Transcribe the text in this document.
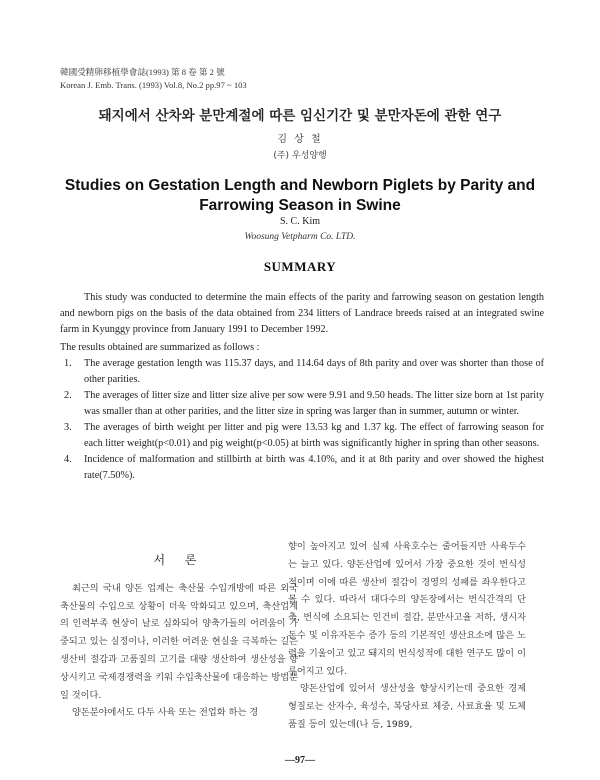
韓國受精卵移植學會誌(1993) 第 8 卷 第 2 號
Korean J. Emb. Trans. (1993) Vol.8, No.2 pp.97 ~ 103
돼지에서 산차와 분만계절에 따른 임신기간 및 분만자돈에 관한 연구
김 상 철
(주) 우성양행
Studies on Gestation Length and Newborn Piglets by Parity and Farrowing Season in Swine
S. C. Kim
Woosung Vetpharm Co. LTD.
SUMMARY

This study was conducted to determine the main effects of the parity and farrowing season on gestation length and newborn pigs on the basis of the data obtained from 234 litters of Landrace breeds raised at an integrated swine farm in Kyunggy province from January 1991 to December 1992.

The results obtained are summarized as follows :

1. The average gestation length was 115.37 days, and 114.64 days of 8th parity and over was shorter than those of other parities.
2. The averages of litter size and litter size alive per sow were 9.91 and 9.50 heads. The litter size born at 1st parity was smaller than at other parities, and the litter size in spring was larger than in summer, autumn or winter.
3. The averages of birth weight per litter and pig were 13.53 kg and 1.37 kg. The effect of farrowing season for each litter weight(p<0.01) and pig weight(p<0.05) at birth was significantly higher in spring than other seasons.
4. Incidence of malformation and stillbirth at birth was 4.10%, and it at 8th parity and over showed the highest rate(7.50%).
서 론

최근의 국내 양돈 업계는 축산물 수입개방에 따른 외국 축산물의 수입으로 상황이 더욱 악화되고 있으며, 축산업계의 인력부족 현상이 날로 심화되어 양축가들의 어려움이 가중되고 있는 실정이나, 이러한 어려운 현실을 극복하는 길은 생산비 절감과 고품질의 고기를 대량 생산하여 생산성을 향상시키고 국제경쟁력을 키워 수입축산물에 대응하는 방법뿐일 것이다.

양돈분야에서도 다두 사육 또는 전업화 하는 경

향이 높아지고 있어 실제 사육호수는 줄어들지만 사육두수는 늘고 있다. 양돈산업에 있어서 가장 중요한 것이 번식성적이며 이에 따른 생산비 절감이 경영의 성패를 좌우한다고 볼 수 있다. 따라서 대다수의 양돈장에서는 번식간격의 단축, 번식에 소요되는 인건비 절감, 분만사고율 저하, 생시자돈수 및 이유자돈수 증가 등의 기본적인 생산요소에 많은 노력을 기울이고 있고 돼지의 번식성적에 대한 연구도 많이 이루어지고 있다.

양돈산업에 있어서 생산성을 향상시키는데 중요한 경제형질로는 산자수, 육성수, 복당사료 체중, 사료효율 및 도체품질 등이 있는데(나 등, 1989,

—97—
